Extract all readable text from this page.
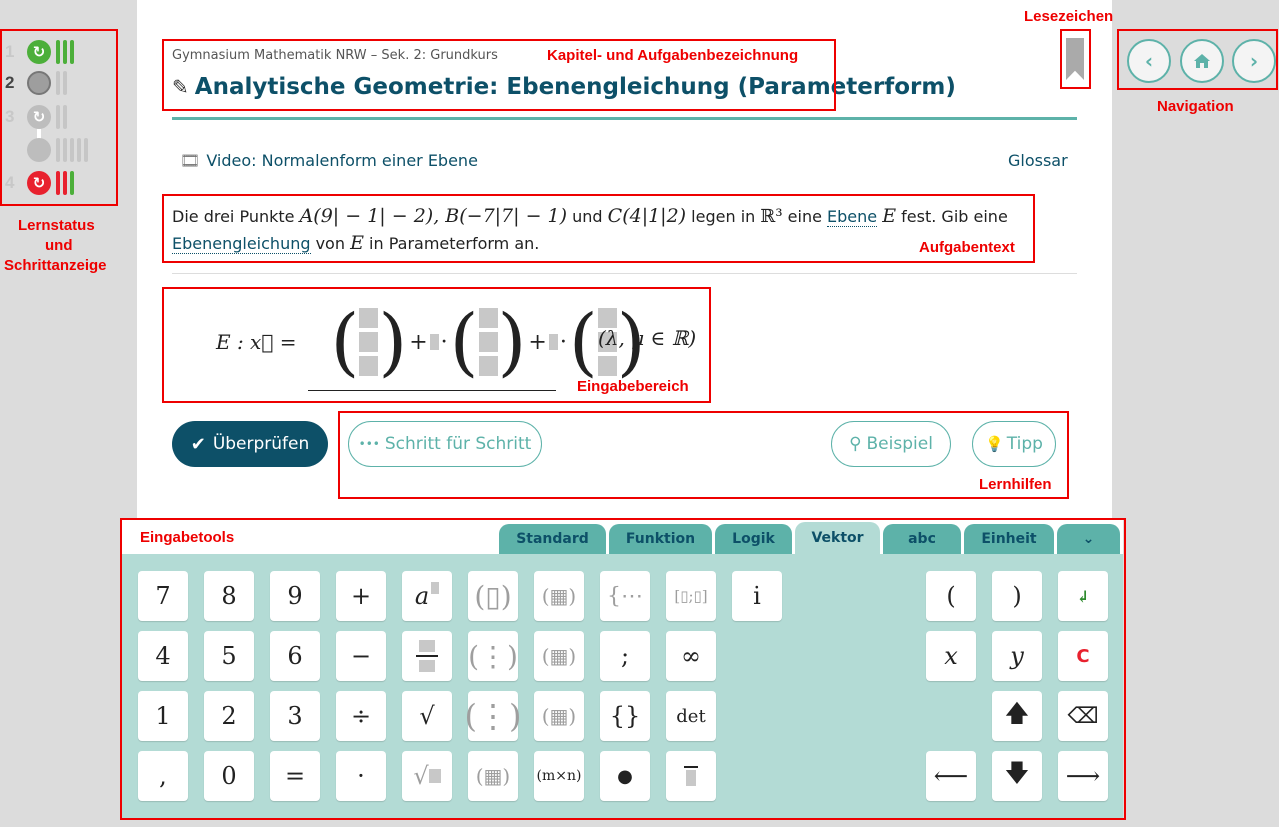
1	↻
2
3	↻
4	↻
Gymnasium Mathematik NRW – Sek. 2: Grundkurs
✎ Analytische Geometrie: Ebenengleichung (Parameterform)
‹	›
🎞 Video: Normalenform einer Ebene	Glossar
Die drei Punkte A(9| − 1| − 2), B(−7|7| − 1) und C(4|1|2) legen in ℝ³ eine Ebene E fest. Gib eine
Ebenengleichung von E in Parameterform an.
E : x⃗ = ( ) + · ( ) + · ( )
(λ, μ ∈ ℝ)
✔ Überprüfen	••• Schritt für Schritt	⚲ Beispiel	💡 Tipp
Standard	Funktion	Logik	Vektor	abc	Einheit	⌄
7	8	9	+	a (▯) (▦) {⋯ [▯;▯]	i	(	)	↲
4	5	6	−	(⋮) (▦)	;	∞	x	y	C
1	2	3	÷	√ (⋮) (▦)	{}	det	🡅 ⌫
,	0	=	·	√ (▦) ( m×n )	●	⟵ 🡇 ⟶
Lernstatus
und
Schrittanzeige
Kapitel- und Aufgabenbezeichnung
Lesezeichen
Navigation
Aufgabentext
Eingabebereich
Lernhilfen
Eingabetools
